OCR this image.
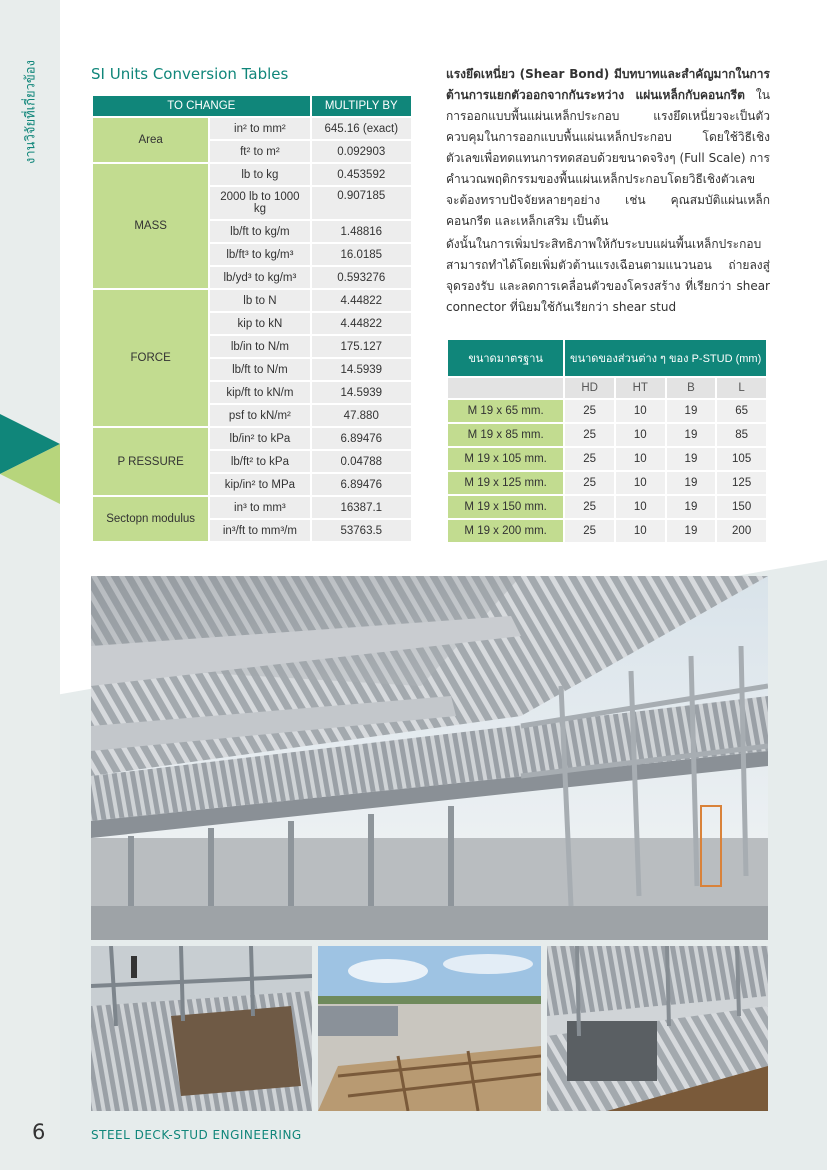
งานวิจัยที่เกี่ยวข้อง	SI Units Conversion Tables
TO CHANGE		MULTIPLY BY
Area	in² to mm²	645.16 (exact)
	ft² to m²	0.092903
MASS	lb to kg	0.453592
	2000 lb to 1000 kg	0.907185
	lb/ft to kg/m	1.48816
	lb/ft³ to kg/m³	16.0185
	lb/yd³ to kg/m³	0.593276
FORCE	lb to N	4.44822
	kip to kN	4.44822
	lb/in to N/m	175.127
	lb/ft to N/m	14.5939
	kip/ft to kN/m	14.5939
	psf to kN/m²	47.880
P RESSURE	lb/in² to kPa	6.89476
	lb/ft² to kPa	0.04788
	kip/in² to MPa	6.89476
Sectopn modulus	in³ to mm³	16387.1
	in³/ft to mm³/m	53763.5
แรงยึดเหนี่ยว (Shear Bond) มีบทบาทและสำคัญมากในการต้านการแยกตัวออกจากกันระหว่าง แผ่นเหล็กกับคอนกรีต ในการออกแบบพื้นแผ่นเหล็กประกอบ แรงยึดเหนี่ยวจะเป็นตัวควบคุมในการออกแบบพื้นแผ่นเหล็กประกอบ โดยใช้วิธีเชิงตัวเลขเพื่อทดแทนการทดสอบด้วยขนาดจริงๆ (Full Scale) การคำนวณพฤติกรรมของพื้นแผ่นเหล็กประกอบโดยวิธีเชิงตัวเลข จะต้องทราบปัจจัยหลายๆอย่าง เช่น คุณสมบัติแผ่นเหล็ก คอนกรีต และเหล็กเสริม เป็นต้น
ดังนั้นในการเพิ่มประสิทธิภาพให้กับระบบแผ่นพื้นเหล็กประกอบ สามารถทำได้โดยเพิ่มตัวต้านแรงเฉือนตามแนวนอน ถ่ายลงสู่จุดรองรับ และลดการเคลื่อนตัวของโครงสร้าง ที่เรียกว่า shear connector ที่นิยมใช้กันเรียกว่า shear stud
ขนาดมาตรฐาน	ขนาดของส่วนต่าง ๆ ของ P-STUD (mm)			
	HD	HT	B	L
M 19 x 65 mm.	25	10	19	65
M 19 x 85 mm.	25	10	19	85
M 19 x 105 mm.	25	10	19	105
M 19 x 125 mm.	25	10	19	125
M 19 x 150 mm.	25	10	19	150
M 19 x 200 mm.	25	10	19	200
6	STEEL DECK-STUD ENGINEERING
